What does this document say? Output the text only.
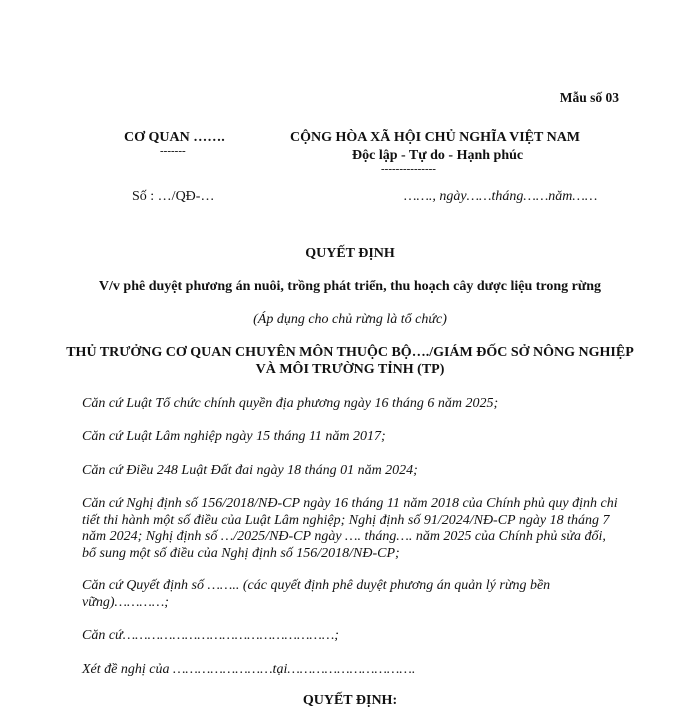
Mẫu số 03
CƠ QUAN …….
-------
CỘNG HÒA XÃ HỘI CHỦ NGHĨA VIỆT NAM
Độc lập - Tự do - Hạnh phúc
---------------
Số : …/QĐ-…	……., ngày……tháng……năm……
QUYẾT ĐỊNH
V/v phê duyệt phương án nuôi, trồng phát triển, thu hoạch cây dược liệu trong rừng
(Áp dụng cho chủ rừng là tổ chức)
THỦ TRƯỞNG CƠ QUAN CHUYÊN MÔN THUỘC BỘ…./GIÁM ĐỐC SỞ NÔNG NGHIỆP VÀ MÔI TRƯỜNG TỈNH (TP)
Căn cứ Luật Tổ chức chính quyền địa phương ngày 16 tháng 6 năm 2025;
Căn cứ Luật Lâm nghiệp ngày 15 tháng 11 năm 2017;
Căn cứ Điều 248 Luật Đất đai ngày 18 tháng 01 năm 2024;
Căn cứ Nghị định số 156/2018/NĐ-CP ngày 16 tháng 11 năm 2018 của Chính phủ quy định chi tiết thi hành một số điều của Luật Lâm nghiệp; Nghị định số 91/2024/NĐ-CP ngày 18 tháng 7 năm 2024; Nghị định số …/2025/NĐ-CP ngày …. tháng…. năm 2025 của Chính phủ sửa đổi, bổ sung một số điều của Nghị định số 156/2018/NĐ-CP;
Căn cứ Quyết định số …….. (các quyết định phê duyệt phương án quản lý rừng bền vững)…………;
Căn cứ……………………………………………;
Xét đề nghị của ……………………tại………………………….
QUYẾT ĐỊNH:
